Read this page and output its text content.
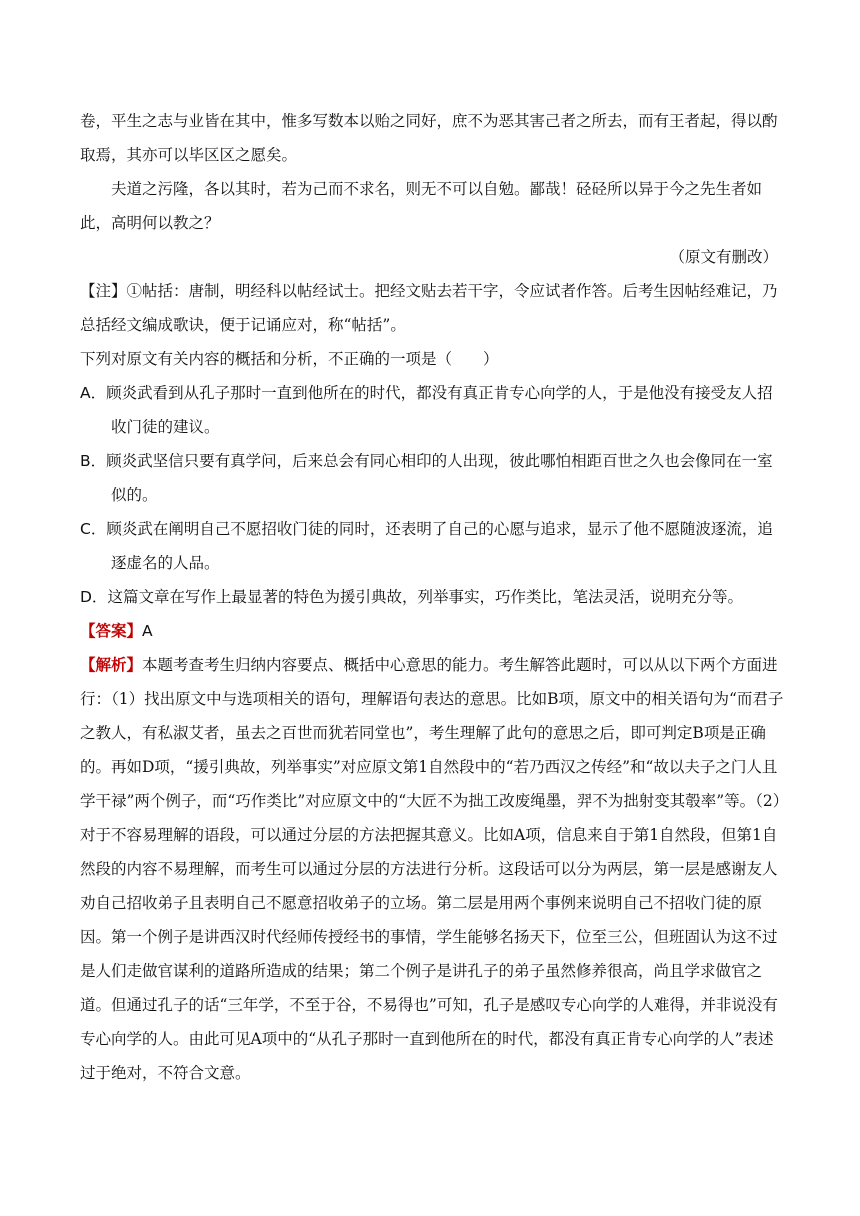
卷，平生之志与业皆在其中，惟多写数本以贻之同好，庶不为恶其害己者之所去，而有王者起，得以酌取焉，其亦可以毕区区之愿矣。

夫道之污隆，各以其时，若为己而不求名，则无不可以自勉。鄙哉！硁硁所以异于今之先生者如此，高明何以教之？

（原文有删改）

【注】①帖括：唐制，明经科以帖经试士。把经文贴去若干字，令应试者作答。后考生因帖经难记，乃总括经文编成歌诀，便于记诵应对，称“帖括”。

下列对原文有关内容的概括和分析，不正确的一项是（　　）

A．顾炎武看到从孔子那时一直到他所在的时代，都没有真正肯专心向学的人，于是他没有接受友人招收门徒的建议。

B．顾炎武坚信只要有真学问，后来总会有同心相印的人出现，彼此哪怕相距百世之久也会像同在一室似的。

C．顾炎武在阐明自己不愿招收门徒的同时，还表明了自己的心愿与追求，显示了他不愿随波逐流，追逐虚名的人品。

D．这篇文章在写作上最显著的特色为援引典故，列举事实，巧作类比，笔法灵活，说明充分等。

【答案】A

【解析】本题考查考生归纳内容要点、概括中心意思的能力。考生解答此题时，可以从以下两个方面进行：（1）找出原文中与选项相关的语句，理解语句表达的意思。比如B项，原文中的相关语句为“而君子之教人，有私淑艾者，虽去之百世而犹若同堂也”，考生理解了此句的意思之后，即可判定B项是正确的。再如D项，“援引典故，列举事实”对应原文第1自然段中的“若乃西汉之传经”和“故以夫子之门人且学干禄”两个例子，而“巧作类比”对应原文中的“大匠不为拙工改废绳墨，羿不为拙射变其彀率”等。（2）对于不容易理解的语段，可以通过分层的方法把握其意义。比如A项，信息来自于第1自然段，但第1自然段的内容不易理解，而考生可以通过分层的方法进行分析。这段话可以分为两层，第一层是感谢友人劝自己招收弟子且表明自己不愿意招收弟子的立场。第二层是用两个事例来说明自己不招收门徒的原因。第一个例子是讲西汉时代经师传授经书的事情，学生能够名扬天下，位至三公，但班固认为这不过是人们走做官谋利的道路所造成的结果；第二个例子是讲孔子的弟子虽然修养很高，尚且学求做官之道。但通过孔子的话“三年学，不至于谷，不易得也”可知，孔子是感叹专心向学的人难得，并非说没有专心向学的人。由此可见A项中的“从孔子那时一直到他所在的时代，都没有真正肯专心向学的人”表述过于绝对，不符合文意。
